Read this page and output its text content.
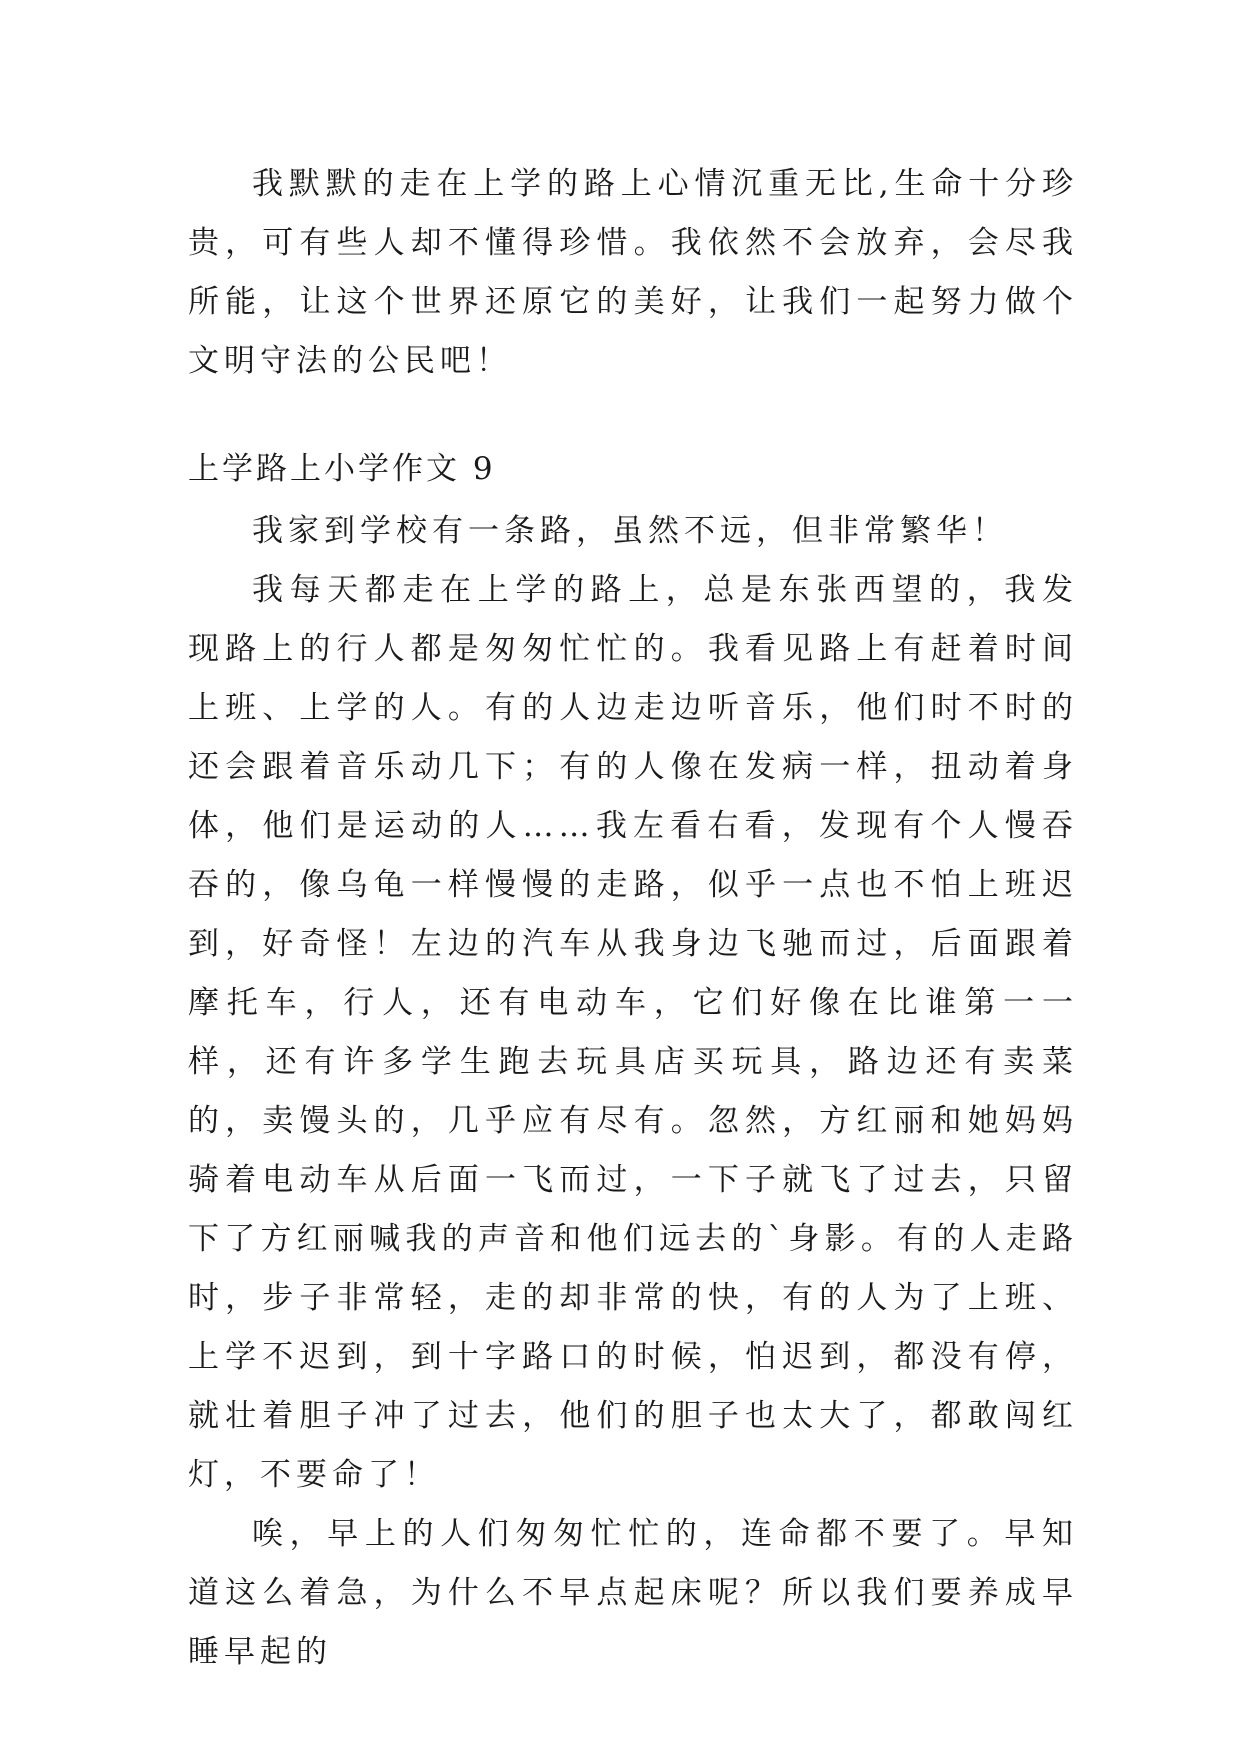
我默默的走在上学的路上心情沉重无比,生命十分珍贵，可有些人却不懂得珍惜。我依然不会放弃，会尽我所能，让这个世界还原它的美好，让我们一起努力做个文明守法的公民吧！

上学路上小学作文 9

我家到学校有一条路，虽然不远，但非常繁华！

我每天都走在上学的路上，总是东张西望的，我发现路上的行人都是匆匆忙忙的。我看见路上有赶着时间上班、上学的人。有的人边走边听音乐，他们时不时的还会跟着音乐动几下；有的人像在发病一样，扭动着身体，他们是运动的人……我左看右看，发现有个人慢吞吞的，像乌龟一样慢慢的走路，似乎一点也不怕上班迟到，好奇怪！左边的汽车从我身边飞驰而过，后面跟着摩托车，行人，还有电动车，它们好像在比谁第一一样，还有许多学生跑去玩具店买玩具，路边还有卖菜的，卖馒头的，几乎应有尽有。忽然，方红丽和她妈妈骑着电动车从后面一飞而过，一下子就飞了过去，只留下了方红丽喊我的声音和他们远去的`身影。有的人走路时，步子非常轻，走的却非常的快，有的人为了上班、上学不迟到，到十字路口的时候，怕迟到，都没有停，就壮着胆子冲了过去，他们的胆子也太大了，都敢闯红灯，不要命了！

唉，早上的人们匆匆忙忙的，连命都不要了。早知道这么着急，为什么不早点起床呢？所以我们要养成早睡早起的
